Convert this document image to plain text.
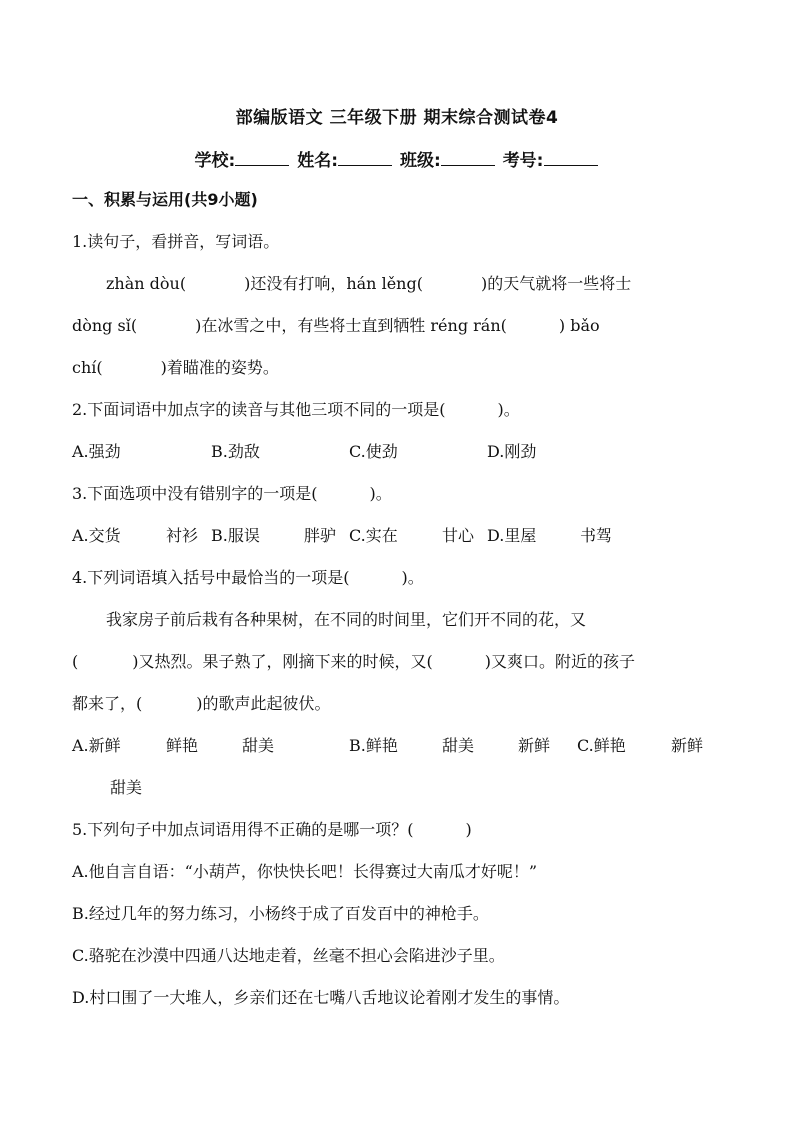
部编版语文 三年级下册 期末综合测试卷4
学校:	姓名:	班级:	考号:
一、积累与运用(共9小题)
1.读句子，看拼音，写词语。
zhàn dòu(	)还没有打响，hán lěng(	)的天气就将一些将士
dòng sǐ(	)在冰雪之中，有些将士直到牺牲 réng rán(	) bǎo
chí(	)着瞄准的姿势。
2.下面词语中加点字的读音与其他三项不同的一项是(	)。
A.强劲	B.劲敌	C.使劲	D.刚劲
3.下面选项中没有错别字的一项是(	)。
A.交货	衬衫 B.服误	胖驴 C.实在	甘心 D.里屋	书驾
4.下列词语填入括号中最恰当的一项是(	)。
我家房子前后栽有各种果树，在不同的时间里，它们开不同的花，又
(	)又热烈。果子熟了，刚摘下来的时候，又(	)又爽口。附近的孩子
都来了，(	)的歌声此起彼伏。
A.新鲜	鲜艳	甜美	B.鲜艳	甜美	新鲜 C.鲜艳	新鲜
甜美
5.下列句子中加点词语用得不正确的是哪一项？(	)
A.他自言自语：“小葫芦，你快快长吧！长得赛过大南瓜才好呢！”
B.经过几年的努力练习，小杨终于成了百发百中的神枪手。
C.骆驼在沙漠中四通八达地走着，丝毫不担心会陷进沙子里。
D.村口围了一大堆人，乡亲们还在七嘴八舌地议论着刚才发生的事情。
